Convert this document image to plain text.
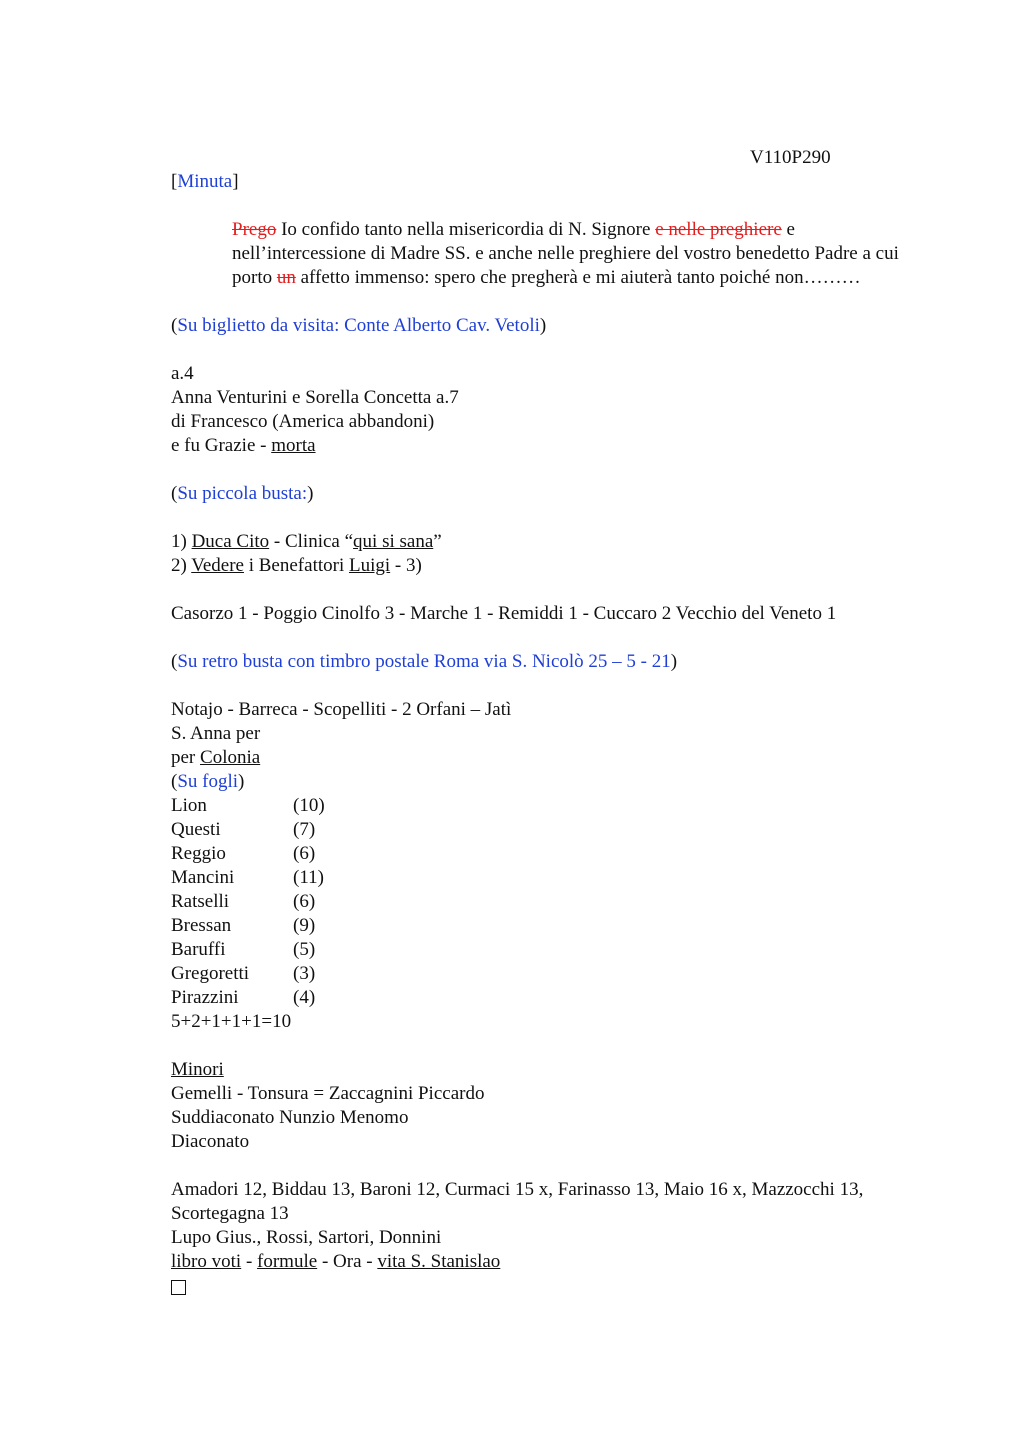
V110P290
[Minuta]

Prego Io confido tanto nella misericordia di N. Signore e nelle preghiere e nell’intercessione di Madre SS. e anche nelle preghiere del vostro benedetto Padre a cui porto un affetto immenso: spero che pregherà e mi aiuterà tanto poiché non………

(Su biglietto da visita: Conte Alberto Cav. Vetoli)
a.4
Anna Venturini e Sorella Concetta a.7
di Francesco (America abbandoni)
e fu Grazie - morta
(Su piccola busta:)
1) Duca Cito - Clinica “qui si sana”
2) Vedere i Benefattori Luigi - 3)
Casorzo 1 - Poggio Cinolfo 3 - Marche 1 - Remiddi 1 - Cuccaro 2 Vecchio del Veneto 1
(Su retro busta con timbro postale Roma via S. Nicolò 25 – 5 - 21)
Notajo - Barreca - Scopelliti - 2 Orfani – Jatì
S. Anna per
per Colonia
(Su fogli)
Lion	(10)
Questi	(7)
Reggio	(6)
Mancini	(11)
Ratselli	(6)
Bressan	(9)
Baruffi	(5)
Gregoretti	(3)
Pirazzini	(4)
5+2+1+1+1=10
Minori
Gemelli - Tonsura = Zaccagnini Piccardo
Suddiaconato Nunzio Menomo
Diaconato
Amadori 12, Biddau 13, Baroni 12, Curmaci 15 x, Farinasso 13, Maio 16 x, Mazzocchi 13, Scortegagna 13
Lupo Gius., Rossi, Sartori, Donnini
libro voti - formule - Ora - vita S. Stanislao
